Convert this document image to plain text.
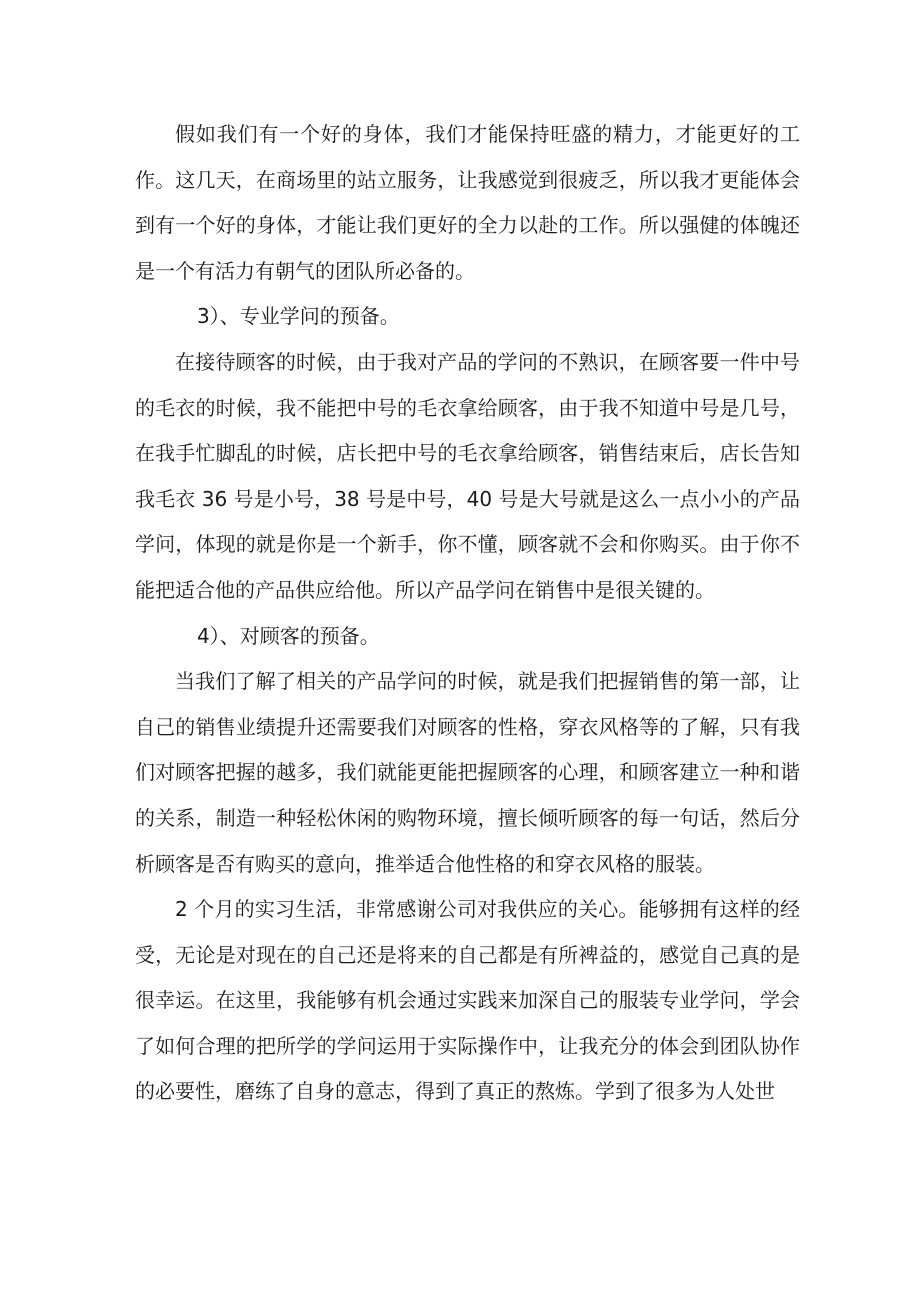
假如我们有一个好的身体，我们才能保持旺盛的精力，才能更好的工作。这几天，在商场里的站立服务，让我感觉到很疲乏，所以我才更能体会到有一个好的身体，才能让我们更好的全力以赴的工作。所以强健的体魄还是一个有活力有朝气的团队所必备的。

3）、专业学问的预备。

在接待顾客的时候，由于我对产品的学问的不熟识，在顾客要一件中号的毛衣的时候，我不能把中号的毛衣拿给顾客，由于我不知道中号是几号，在我手忙脚乱的时候，店长把中号的毛衣拿给顾客，销售结束后，店长告知我毛衣 36 号是小号，38 号是中号，40 号是大号就是这么一点小小的产品学问，体现的就是你是一个新手，你不懂，顾客就不会和你购买。由于你不能把适合他的产品供应给他。所以产品学问在销售中是很关键的。

4）、对顾客的预备。

当我们了解了相关的产品学问的时候，就是我们把握销售的第一部，让自己的销售业绩提升还需要我们对顾客的性格，穿衣风格等的了解，只有我们对顾客把握的越多，我们就能更能把握顾客的心理，和顾客建立一种和谐的关系，制造一种轻松休闲的购物环境，擅长倾听顾客的每一句话，然后分析顾客是否有购买的意向，推举适合他性格的和穿衣风格的服装。

2 个月的实习生活，非常感谢公司对我供应的关心。能够拥有这样的经受，无论是对现在的自己还是将来的自己都是有所裨益的，感觉自己真的是很幸运。在这里，我能够有机会通过实践来加深自己的服装专业学问，学会了如何合理的把所学的学问运用于实际操作中，让我充分的体会到团队协作的必要性，磨练了自身的意志，得到了真正的熬炼。学到了很多为人处世
